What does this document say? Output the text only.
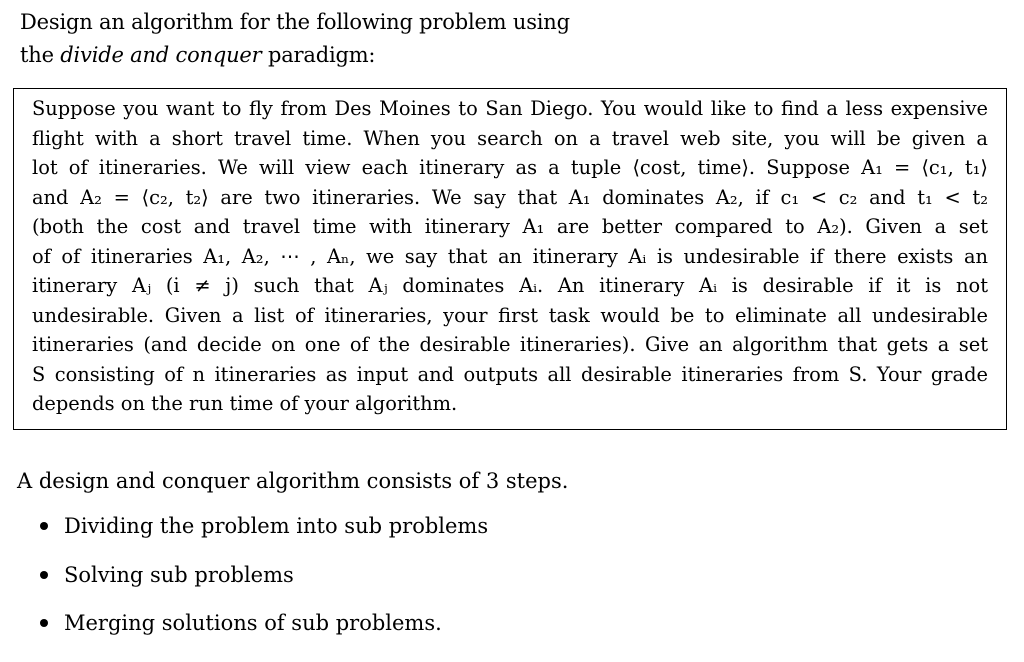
Design an algorithm for the following problem using
the divide and conquer paradigm:
Suppose you want to fly from Des Moines to San Diego. You would like to find a less expensive
flight with a short travel time. When you search on a travel web site, you will be given a
lot of itineraries. We will view each itinerary as a tuple ⟨cost, time⟩. Suppose A₁ = ⟨c₁, t₁⟩
and A₂ = ⟨c₂, t₂⟩ are two itineraries. We say that A₁ dominates A₂, if c₁ < c₂ and t₁ < t₂
(both the cost and travel time with itinerary A₁ are better compared to A₂). Given a set
of of itineraries A₁, A₂, ⋯ , Aₙ, we say that an itinerary Aᵢ is undesirable if there exists an
itinerary Aⱼ (i ≠ j) such that Aⱼ dominates Aᵢ. An itinerary Aᵢ is desirable if it is not
undesirable. Given a list of itineraries, your first task would be to eliminate all undesirable
itineraries (and decide on one of the desirable itineraries). Give an algorithm that gets a set
S consisting of n itineraries as input and outputs all desirable itineraries from S. Your grade
depends on the run time of your algorithm.
A design and conquer algorithm consists of 3 steps.
Dividing the problem into sub problems
Solving sub problems
Merging solutions of sub problems.
